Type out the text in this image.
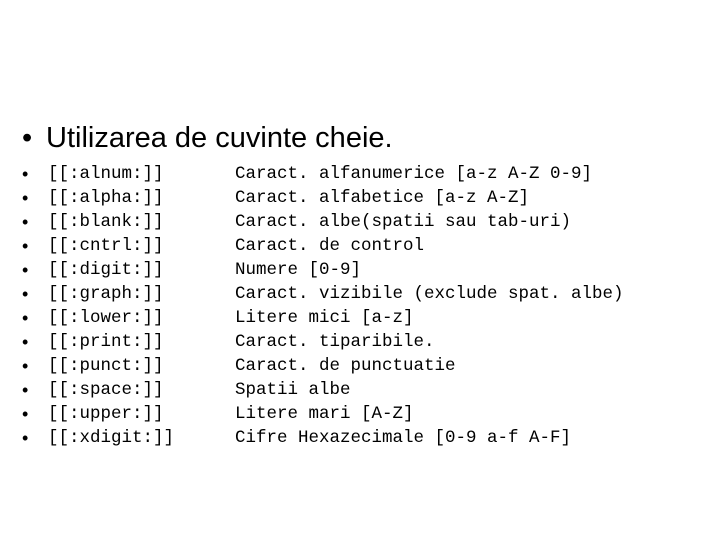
• Utilizarea de cuvinte cheie.
•	[[:alnum:]]	Caract. alfanumerice [a-z A-Z 0-9]
•	[[:alpha:]]	Caract. alfabetice [a-z A-Z]
•	[[:blank:]]	Caract. albe(spatii sau tab-uri)
•	[[:cntrl:]]	Caract. de control
•	[[:digit:]]	Numere [0-9]
•	[[:graph:]]	Caract. vizibile (exclude spat. albe)
•	[[:lower:]]	Litere mici [a-z]
•	[[:print:]]	Caract. tiparibile.
•	[[:punct:]]	Caract. de punctuatie
•	[[:space:]]	Spatii albe
•	[[:upper:]]	Litere mari [A-Z]
•	[[:xdigit:]]	Cifre Hexazecimale [0-9 a-f A-F]
